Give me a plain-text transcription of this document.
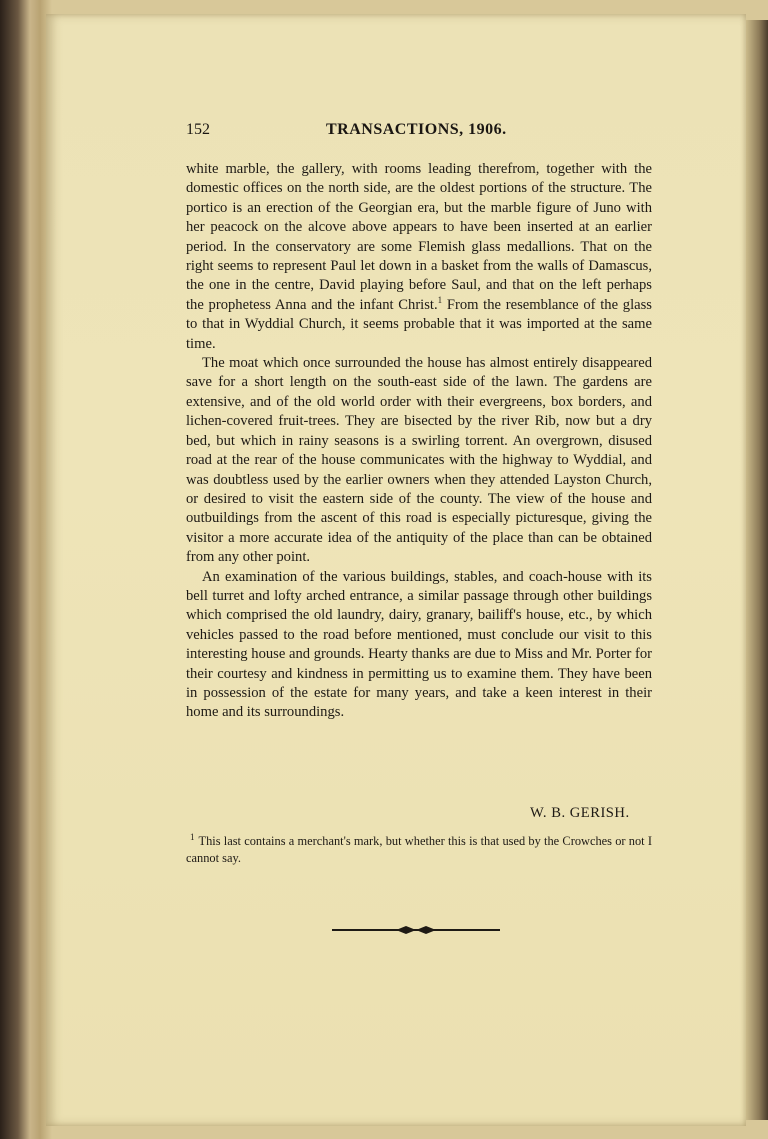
152	TRANSACTIONS, 1906.

white marble, the gallery, with rooms leading therefrom, together with the domestic offices on the north side, are the oldest portions of the structure. The portico is an erection of the Georgian era, but the marble figure of Juno with her peacock on the alcove above appears to have been inserted at an earlier period. In the conservatory are some Flemish glass medallions. That on the right seems to represent Paul let down in a basket from the walls of Damascus, the one in the centre, David playing before Saul, and that on the left perhaps the prophetess Anna and the infant Christ.$^1$ From the resemblance of the glass to that in Wyddial Church, it seems probable that it was imported at the same time.

The moat which once surrounded the house has almost entirely disappeared save for a short length on the south-east side of the lawn. The gardens are extensive, and of the old world order with their evergreens, box borders, and lichen-covered fruit-trees. They are bisected by the river Rib, now but a dry bed, but which in rainy seasons is a swirling torrent. An overgrown, disused road at the rear of the house communicates with the highway to Wyddial, and was doubtless used by the earlier owners when they attended Layston Church, or desired to visit the eastern side of the county. The view of the house and outbuildings from the ascent of this road is especially picturesque, giving the visitor a more accurate idea of the antiquity of the place than can be obtained from any other point.

An examination of the various buildings, stables, and coach-house with its bell turret and lofty arched entrance, a similar passage through other buildings which comprised the old laundry, dairy, granary, bailiff's house, etc., by which vehicles passed to the road before mentioned, must conclude our visit to this interesting house and grounds. Hearty thanks are due to Miss and Mr. Porter for their courtesy and kindness in permitting us to examine them. They have been in possession of the estate for many years, and take a keen interest in their home and its surroundings.

W. B. GERISH.
$^1$ This last contains a merchant's mark, but whether this is that used by the Crowches or not I cannot say.
